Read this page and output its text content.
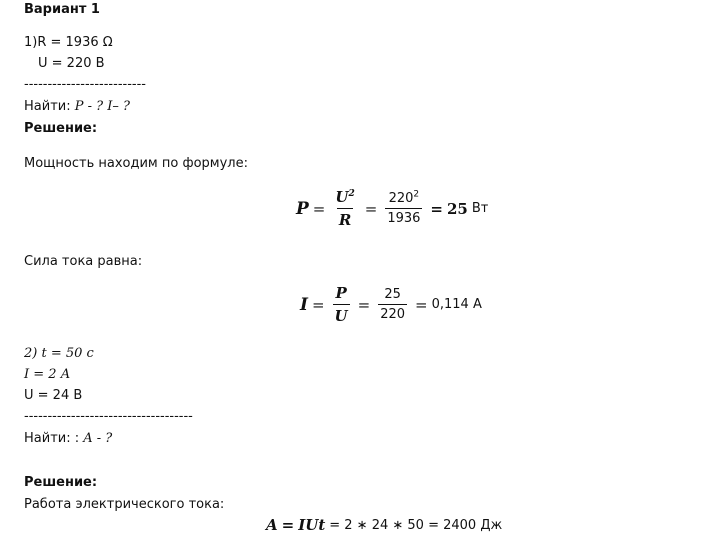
Вариант 1
1)R = 1936 Ω
U = 220 В
--------------------------
Найти: P - ? I– ?
Решение:
Мощность находим по формуле:
$P = \frac{U^2}{R} = \frac{220^2}{1936} = 25$ Вт
Сила тока равна:
$I = \frac{P}{U} = \frac{25}{220} = 0,114$ А
2) t = 50 c
I = 2 A
U = 24 В
------------------------------------
Найти: : A - ?
Решение:
Работа электрического тока:
A = IUt = 2 ∗ 24 ∗ 50 = 2400 Дж
